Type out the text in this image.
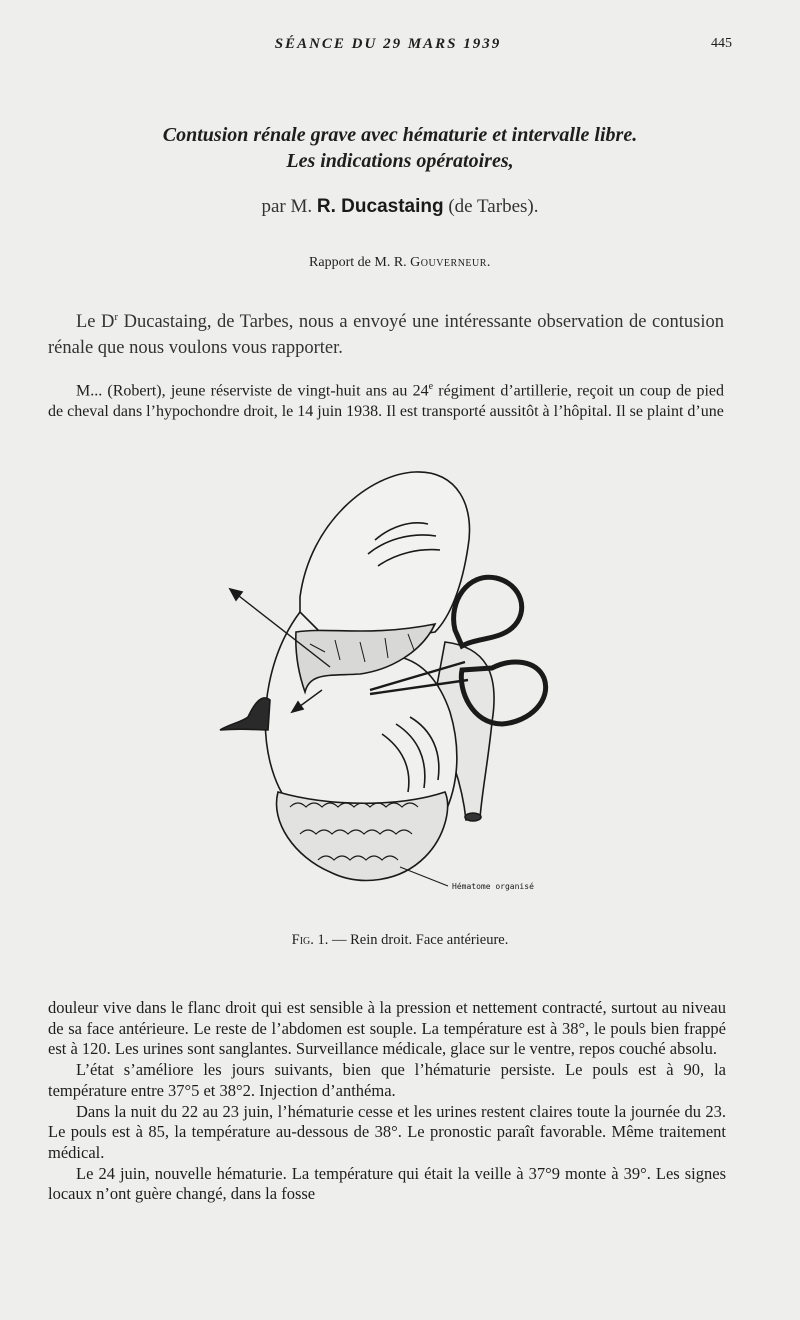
SÉANCE DU 29 MARS 1939	445
Contusion rénale grave avec hématurie et intervalle libre.
Les indications opératoires,
par M. R. Ducastaing (de Tarbes).
Rapport de M. R. Gouverneur.
Le $D^r$ Ducastaing, de Tarbes, nous a envoyé une intéressante observation de contusion rénale que nous voulons vous rapporter.
M... (Robert), jeune réserviste de vingt-huit ans au 24e régiment d’artillerie, reçoit un coup de pied de cheval dans l’hypochondre droit, le 14 juin 1938. Il est transporté aussitôt à l’hôpital. Il se plaint d’une
Hématome organisé
Fig. 1. — Rein droit. Face antérieure.

douleur vive dans le flanc droit qui est sensible à la pression et nettement contracté, surtout au niveau de sa face antérieure. Le reste de l’abdomen est souple. La température est à 38°, le pouls bien frappé est à 120. Les urines sont sanglantes. Surveillance médicale, glace sur le ventre, repos couché absolu.

L’état s’améliore les jours suivants, bien que l’hématurie persiste. Le pouls est à 90, la température entre 37°5 et 38°2. Injection d’anthéma.

Dans la nuit du 22 au 23 juin, l’hématurie cesse et les urines restent claires toute la journée du 23. Le pouls est à 85, la température au-dessous de 38°. Le pronostic paraît favorable. Même traitement médical.

Le 24 juin, nouvelle hématurie. La température qui était la veille à 37°9 monte à 39°. Les signes locaux n’ont guère changé, dans la fosse
